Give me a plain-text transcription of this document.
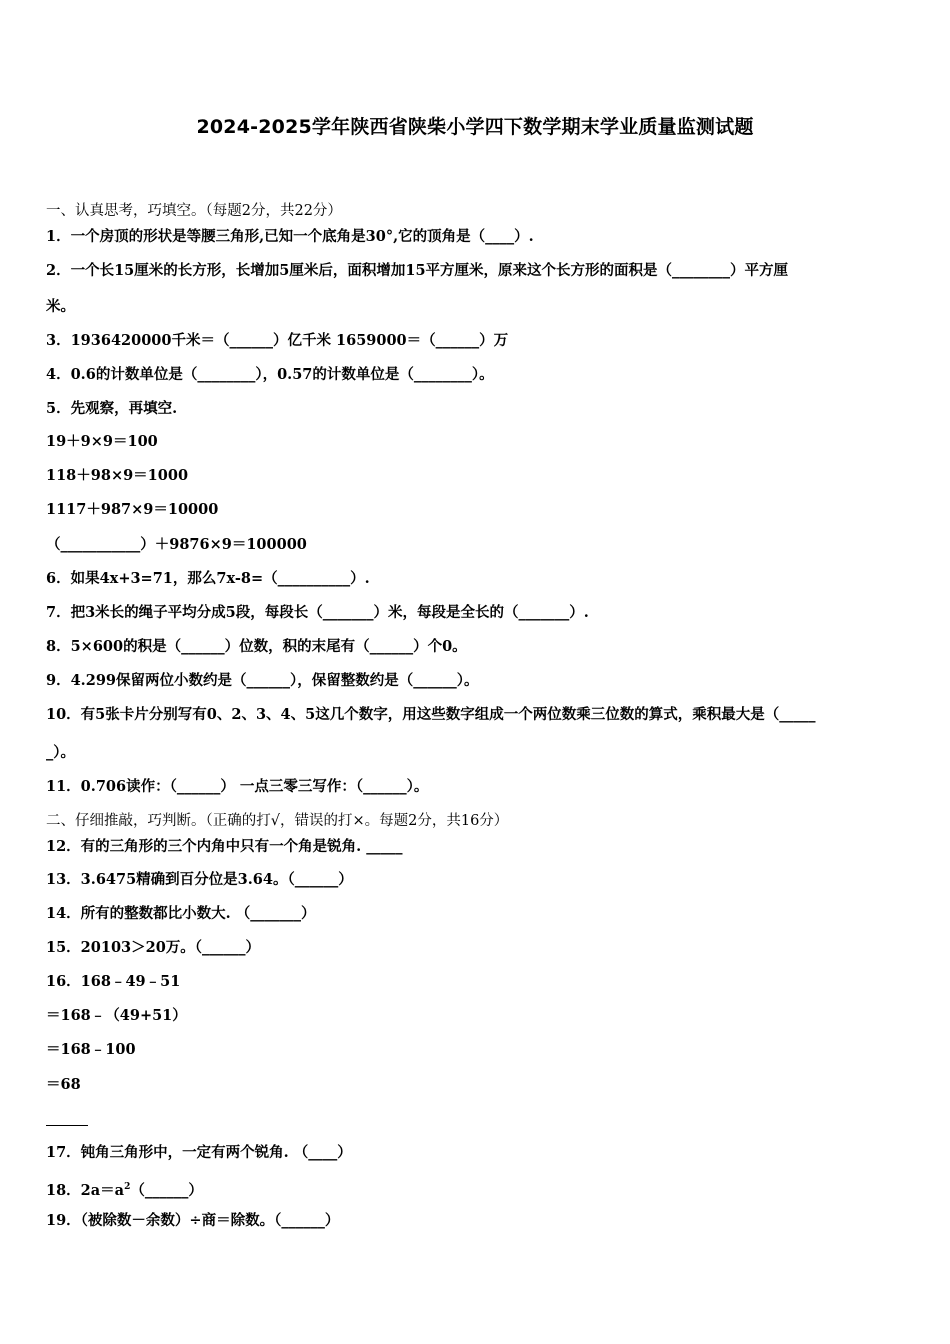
2024-2025学年陕西省陕柴小学四下数学期末学业质量监测试题
一、认真思考，巧填空。（每题2分，共22分）
1．一个房顶的形状是等腰三角形,已知一个底角是30°,它的顶角是（____）.
2．一个长15厘米的长方形，长增加5厘米后，面积增加15平方厘米，原来这个长方形的面积是（________）平方厘
米。
3．1936420000千米＝（______）亿千米 1659000＝（______）万
4．0.6的计数单位是（________），0.57的计数单位是（________）。
5．先观察，再填空.
19＋9×9＝100
118＋98×9＝1000
1117＋987×9＝10000
（___________）＋9876×9＝100000
6．如果4x+3=71，那么7x-8=（__________）.
7．把3米长的绳子平均分成5段，每段长（_______）米，每段是全长的（_______）.
8．5×600的积是（______）位数，积的末尾有（______）个0。
9．4.299保留两位小数约是（______），保留整数约是（______）。
10．有5张卡片分别写有0、2、3、4、5这几个数字，用这些数字组成一个两位数乘三位数的算式，乘积最大是（_____
_）。
11．0.706读作：（______） 一点三零三写作：（______）。
二、仔细推敲，巧判断。（正确的打√，错误的打×。每题2分，共16分）
12．有的三角形的三个内角中只有一个角是锐角. _____
13．3.6475精确到百分位是3.64。（______）
14．所有的整数都比小数大. （_______）
15．20103＞20万。（______）
16．168﹣49﹣51
＝168﹣（49+51）
＝168﹣100
＝68
17．钝角三角形中，一定有两个锐角. （____）
18．$2a=a^2(\_\_\_\_\_\_)$
19．（被除数－余数）÷商＝除数。（______）
